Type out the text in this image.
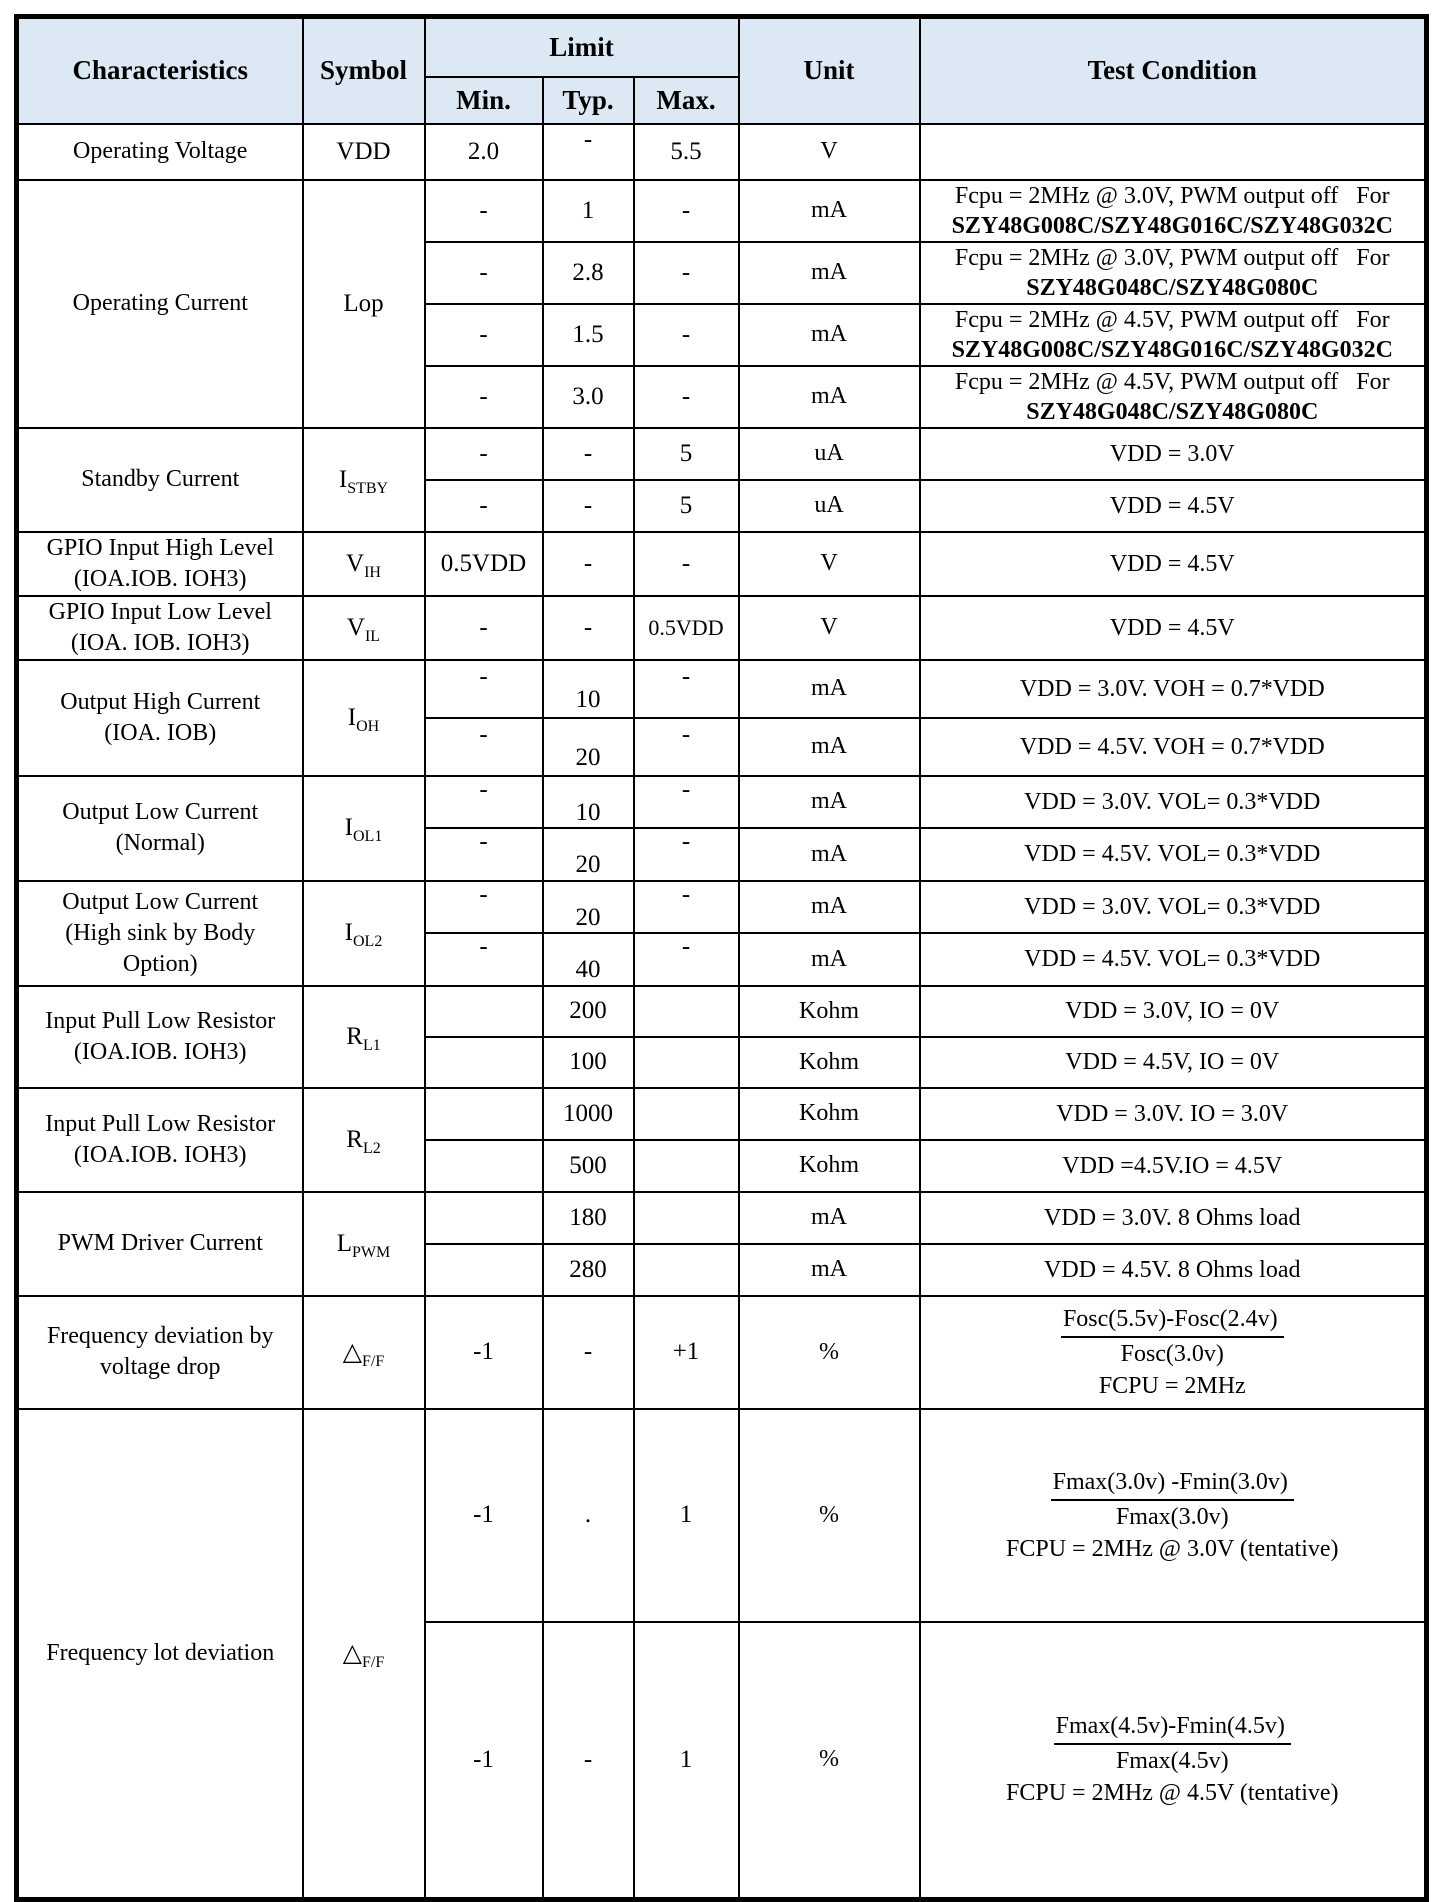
Characteristics	Symbol	Limit			Unit	Test Condition
		Min.	Typ.	Max.		

Operating Voltage	VDD	2.0	-	5.5	V	

Operating Current	Lop	-	1	-	mA	Fcpu = 2MHz @ 3.0V, PWM output off   For
SZY48G008C/SZY48G016C/SZY48G032C

		-	2.8	-	mA	Fcpu = 2MHz @ 3.0V, PWM output off   For
SZY48G048C/SZY48G080C

		-	1.5	-	mA	Fcpu = 2MHz @ 4.5V, PWM output off   For
SZY48G008C/SZY48G016C/SZY48G032C

		-	3.0	-	mA	Fcpu = 2MHz @ 4.5V, PWM output off   For
SZY48G048C/SZY48G080C

Standby Current	$I_{STBY}$	-	-	5	uA	VDD = 3.0V
		-	-	5	uA	VDD = 4.5V

GPIO Input High Level
(IOA.IOB. IOH3)	$V_{IH}$	0.5VDD	-	-	V	VDD = 4.5V

GPIO Input Low Level
(IOA. IOB. IOH3)	$V_{IL}$	-	-	0.5VDD	V	VDD = 4.5V

Output High Current
(IOA. IOB)	$I_{OH}$	-	10	-	mA	VDD = 3.0V. VOH = 0.7*VDD
		-	20	-	mA	VDD = 4.5V. VOH = 0.7*VDD

Output Low Current
(Normal)	$I_{OL1}$	-	10	-	mA	VDD = 3.0V. VOL= 0.3*VDD
		-	20	-	mA	VDD = 4.5V. VOL= 0.3*VDD

Output Low Current
(High sink by Body
Option)	$I_{OL2}$	-	20	-	mA	VDD = 3.0V. VOL= 0.3*VDD
		-	40	-	mA	VDD = 4.5V. VOL= 0.3*VDD

Input Pull Low Resistor
(IOA.IOB. IOH3)	$R_{L1}$		200		Kohm	VDD = 3.0V, IO = 0V
			100		Kohm	VDD = 4.5V, IO = 0V

Input Pull Low Resistor
(IOA.IOB. IOH3)	$R_{L2}$		1000		Kohm	VDD = 3.0V. IO = 3.0V
			500		Kohm	VDD =4.5V.IO = 4.5V

PWM Driver Current	$L_{PWM}$		180		mA	VDD = 3.0V. 8 Ohms load
			280		mA	VDD = 4.5V. 8 Ohms load

Frequency deviation by
voltage drop
	$\triangle_{F/F}$	-1	-	+1	%	
Fosc(5.5v)-Fosc(2.4v)
Fosc(3.0v)
FCPU = 2MHz

Frequency lot deviation	$\triangle_{F/F}$	-1	.	1	%	Fmax(3.0v) -Fmin(3.0v)
Fmax(3.0v)
FCPU = 2MHz @ 3.0V (tentative)

		-1	-	1	%	Fmax(4.5v)-Fmin(4.5v)
Fmax(4.5v)
FCPU = 2MHz @ 4.5V (tentative)
